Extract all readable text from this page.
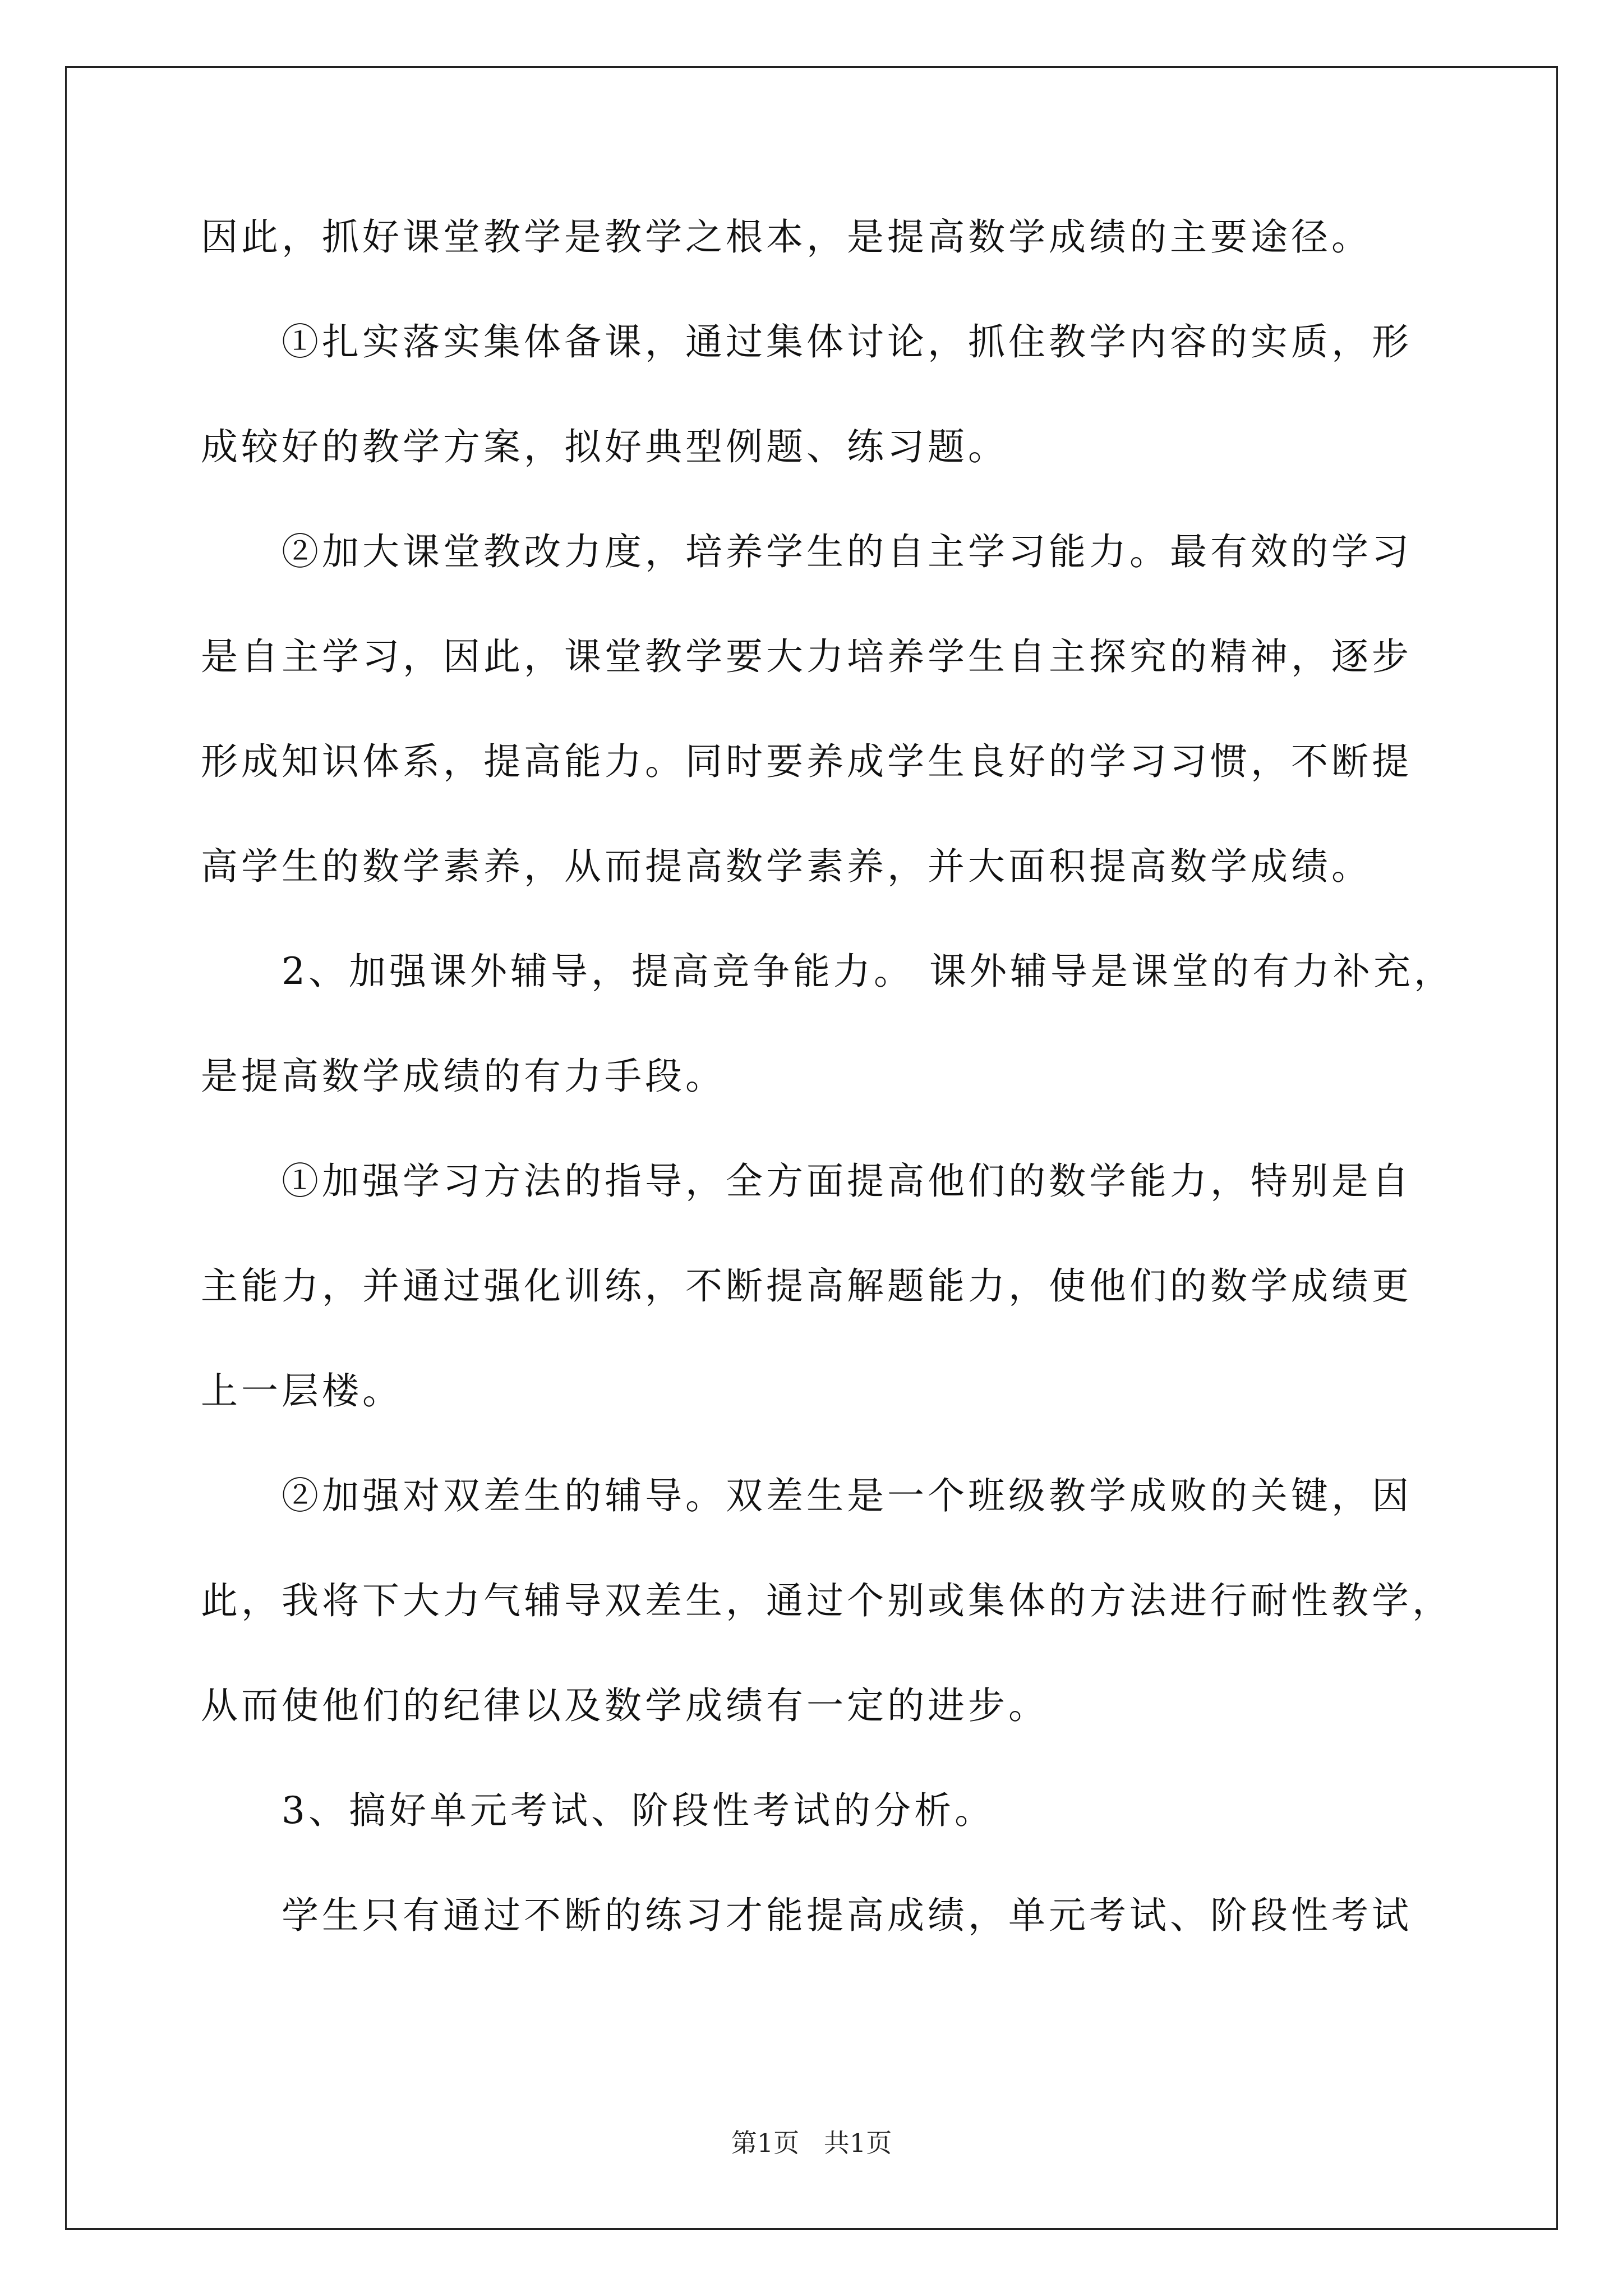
因此，抓好课堂教学是教学之根本，是提高数学成绩的主要途径。
①扎实落实集体备课，通过集体讨论，抓住教学内容的实质，形
成较好的教学方案，拟好典型例题、练习题。
②加大课堂教改力度，培养学生的自主学习能力。最有效的学习
是自主学习，因此，课堂教学要大力培养学生自主探究的精神，逐步
形成知识体系，提高能力。同时要养成学生良好的学习习惯，不断提
高学生的数学素养，从而提高数学素养，并大面积提高数学成绩。
2、加强课外辅导，提高竞争能力。 课外辅导是课堂的有力补充，
是提高数学成绩的有力手段。
①加强学习方法的指导，全方面提高他们的数学能力，特别是自
主能力，并通过强化训练，不断提高解题能力，使他们的数学成绩更
上一层楼。
②加强对双差生的辅导。双差生是一个班级教学成败的关键，因
此，我将下大力气辅导双差生，通过个别或集体的方法进行耐性教学，
从而使他们的纪律以及数学成绩有一定的进步。
3、搞好单元考试、阶段性考试的分析。
学生只有通过不断的练习才能提高成绩，单元考试、阶段性考试
第1页   共1页
